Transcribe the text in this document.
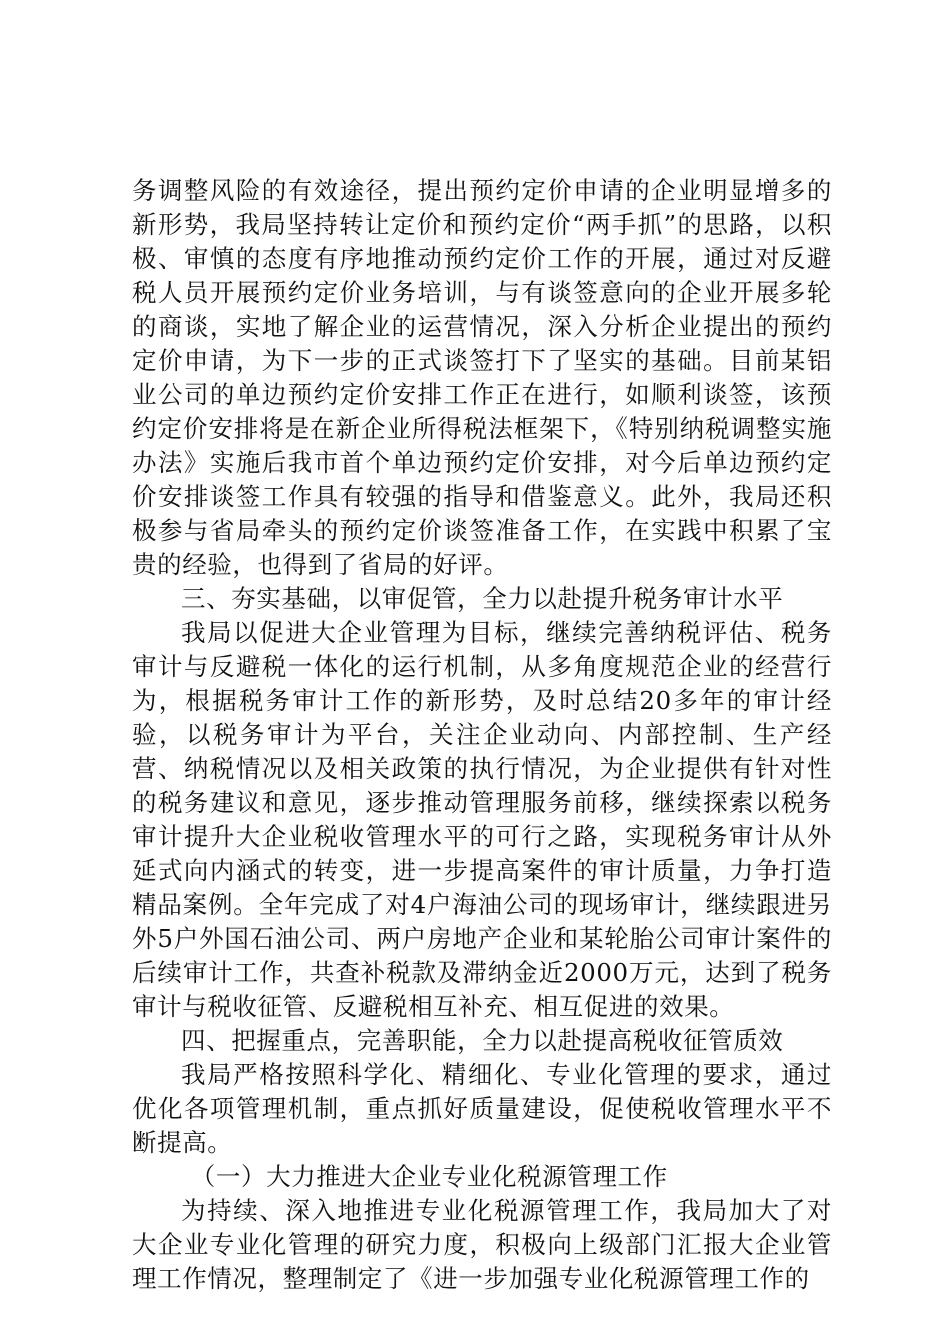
务调整风险的有效途径，提出预约定价申请的企业明显增多的新形势，我局坚持转让定价和预约定价“两手抓”的思路，以积极、审慎的态度有序地推动预约定价工作的开展，通过对反避税人员开展预约定价业务培训，与有谈签意向的企业开展多轮的商谈，实地了解企业的运营情况，深入分析企业提出的预约定价申请，为下一步的正式谈签打下了坚实的基础。目前某铝业公司的单边预约定价安排工作正在进行，如顺利谈签，该预约定价安排将是在新企业所得税法框架下，《特别纳税调整实施办法》实施后我市首个单边预约定价安排，对今后单边预约定价安排谈签工作具有较强的指导和借鉴意义。此外，我局还积极参与省局牵头的预约定价谈签准备工作，在实践中积累了宝贵的经验，也得到了省局的好评。

三、夯实基础，以审促管，全力以赴提升税务审计水平

我局以促进大企业管理为目标，继续完善纳税评估、税务审计与反避税一体化的运行机制，从多角度规范企业的经营行为，根据税务审计工作的新形势，及时总结20多年的审计经验，以税务审计为平台，关注企业动向、内部控制、生产经营、纳税情况以及相关政策的执行情况，为企业提供有针对性的税务建议和意见，逐步推动管理服务前移，继续探索以税务审计提升大企业税收管理水平的可行之路，实现税务审计从外延式向内涵式的转变，进一步提高案件的审计质量，力争打造精品案例。全年完成了对4户海油公司的现场审计，继续跟进另外5户外国石油公司、两户房地产企业和某轮胎公司审计案件的后续审计工作，共查补税款及滞纳金近2000万元，达到了税务审计与税收征管、反避税相互补充、相互促进的效果。

四、把握重点，完善职能，全力以赴提高税收征管质效

我局严格按照科学化、精细化、专业化管理的要求，通过优化各项管理机制，重点抓好质量建设，促使税收管理水平不断提高。

（一）大力推进大企业专业化税源管理工作

为持续、深入地推进专业化税源管理工作，我局加大了对大企业专业化管理的研究力度，积极向上级部门汇报大企业管理工作情况，整理制定了《进一步加强专业化税源管理工作的
